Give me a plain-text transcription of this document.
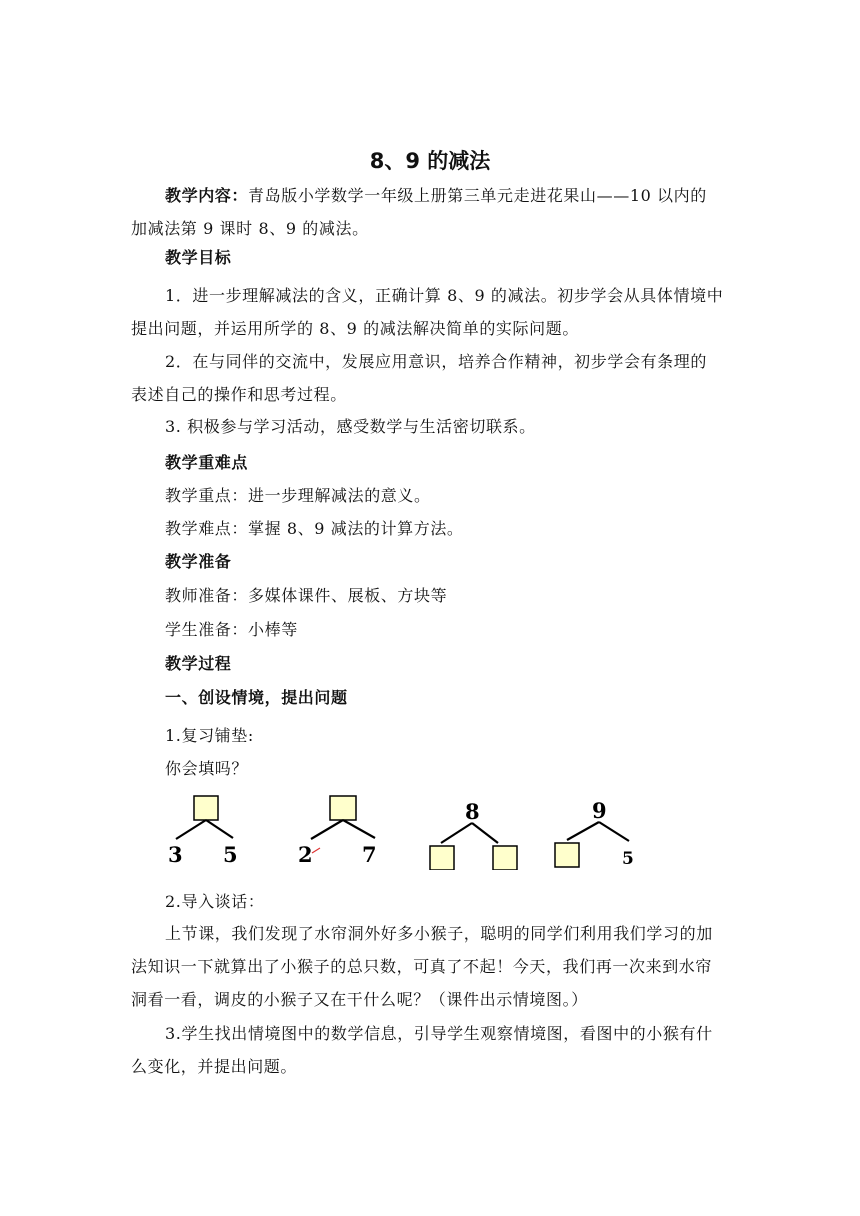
8、9 的减法
教学内容：青岛版小学数学一年级上册第三单元走进花果山——10 以内的
加减法第 9 课时 8、9 的减法。

教学目标

1．进一步理解减法的含义，正确计算 8、9 的减法。初步学会从具体情境中
提出问题，并运用所学的 8、9 的减法解决简单的实际问题。
2．在与同伴的交流中，发展应用意识，培养合作精神，初步学会有条理的
表述自己的操作和思考过程。

3. 积极参与学习活动，感受数学与生活密切联系。

教学重难点

教学重点：进一步理解减法的意义。

教学难点：掌握 8、9 减法的计算方法。

教学准备

教师准备：多媒体课件、展板、方块等

学生准备：小棒等

教学过程

一、创设情境，提出问题

1.复习铺垫:

你会填吗？

3 5	2 7
8	9
5

2.导入谈话：

上节课，我们发现了水帘洞外好多小猴子，聪明的同学们利用我们学习的加
法知识一下就算出了小猴子的总只数，可真了不起！今天，我们再一次来到水帘
洞看一看，调皮的小猴子又在干什么呢？（课件出示情境图。）
3.学生找出情境图中的数学信息，引导学生观察情境图，看图中的小猴有什
么变化，并提出问题。
